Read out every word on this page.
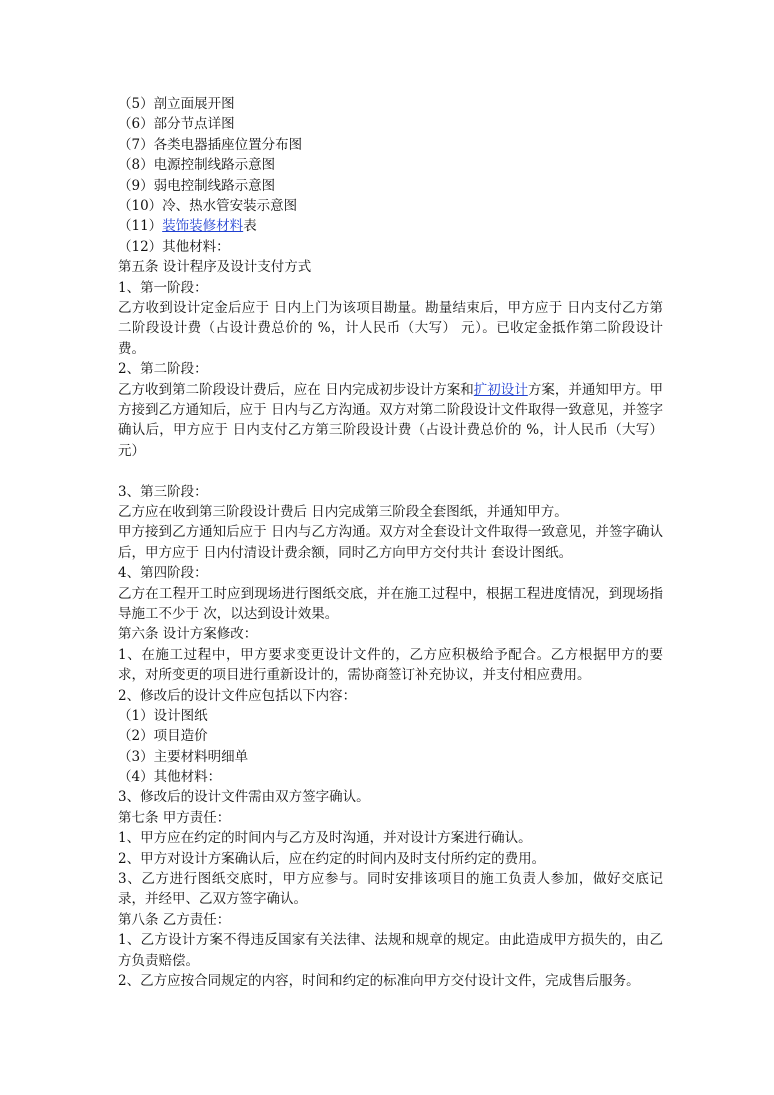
（5）剖立面展开图
（6）部分节点详图
（7）各类电器插座位置分布图
（8）电源控制线路示意图
（9）弱电控制线路示意图
（10）冷、热水管安装示意图
（11）装饰装修材料表
（12）其他材料：
第五条 设计程序及设计支付方式
1、第一阶段：
乙方收到设计定金后应于 日内上门为该项目勘量。勘量结束后，甲方应于 日内支付乙方第二阶段设计费（占设计费总价的 %，计人民币（大写） 元）。已收定金抵作第二阶段设计费。
2、第二阶段：
乙方收到第二阶段设计费后，应在 日内完成初步设计方案和扩初设计方案，并通知甲方。甲方接到乙方通知后，应于 日内与乙方沟通。双方对第二阶段设计文件取得一致意见，并签字确认后，甲方应于 日内支付乙方第三阶段设计费（占设计费总价的 %，计人民币（大写） 元）
3、第三阶段：
乙方应在收到第三阶段设计费后 日内完成第三阶段全套图纸，并通知甲方。
甲方接到乙方通知后应于 日内与乙方沟通。双方对全套设计文件取得一致意见，并签字确认后，甲方应于 日内付清设计费余额，同时乙方向甲方交付共计 套设计图纸。
4、第四阶段：
乙方在工程开工时应到现场进行图纸交底，并在施工过程中，根据工程进度情况，到现场指导施工不少于 次，以达到设计效果。
第六条 设计方案修改：
1、在施工过程中，甲方要求变更设计文件的，乙方应积极给予配合。乙方根据甲方的要求，对所变更的项目进行重新设计的，需协商签订补充协议，并支付相应费用。
2、修改后的设计文件应包括以下内容：
（1）设计图纸
（2）项目造价
（3）主要材料明细单
（4）其他材料：
3、修改后的设计文件需由双方签字确认。
第七条 甲方责任：
1、甲方应在约定的时间内与乙方及时沟通，并对设计方案进行确认。
2、甲方对设计方案确认后，应在约定的时间内及时支付所约定的费用。
3、乙方进行图纸交底时，甲方应参与。同时安排该项目的施工负责人参加，做好交底记录，并经甲、乙双方签字确认。
第八条 乙方责任：
1、乙方设计方案不得违反国家有关法律、法规和规章的规定。由此造成甲方损失的，由乙方负责赔偿。
2、乙方应按合同规定的内容，时间和约定的标准向甲方交付设计文件，完成售后服务。
